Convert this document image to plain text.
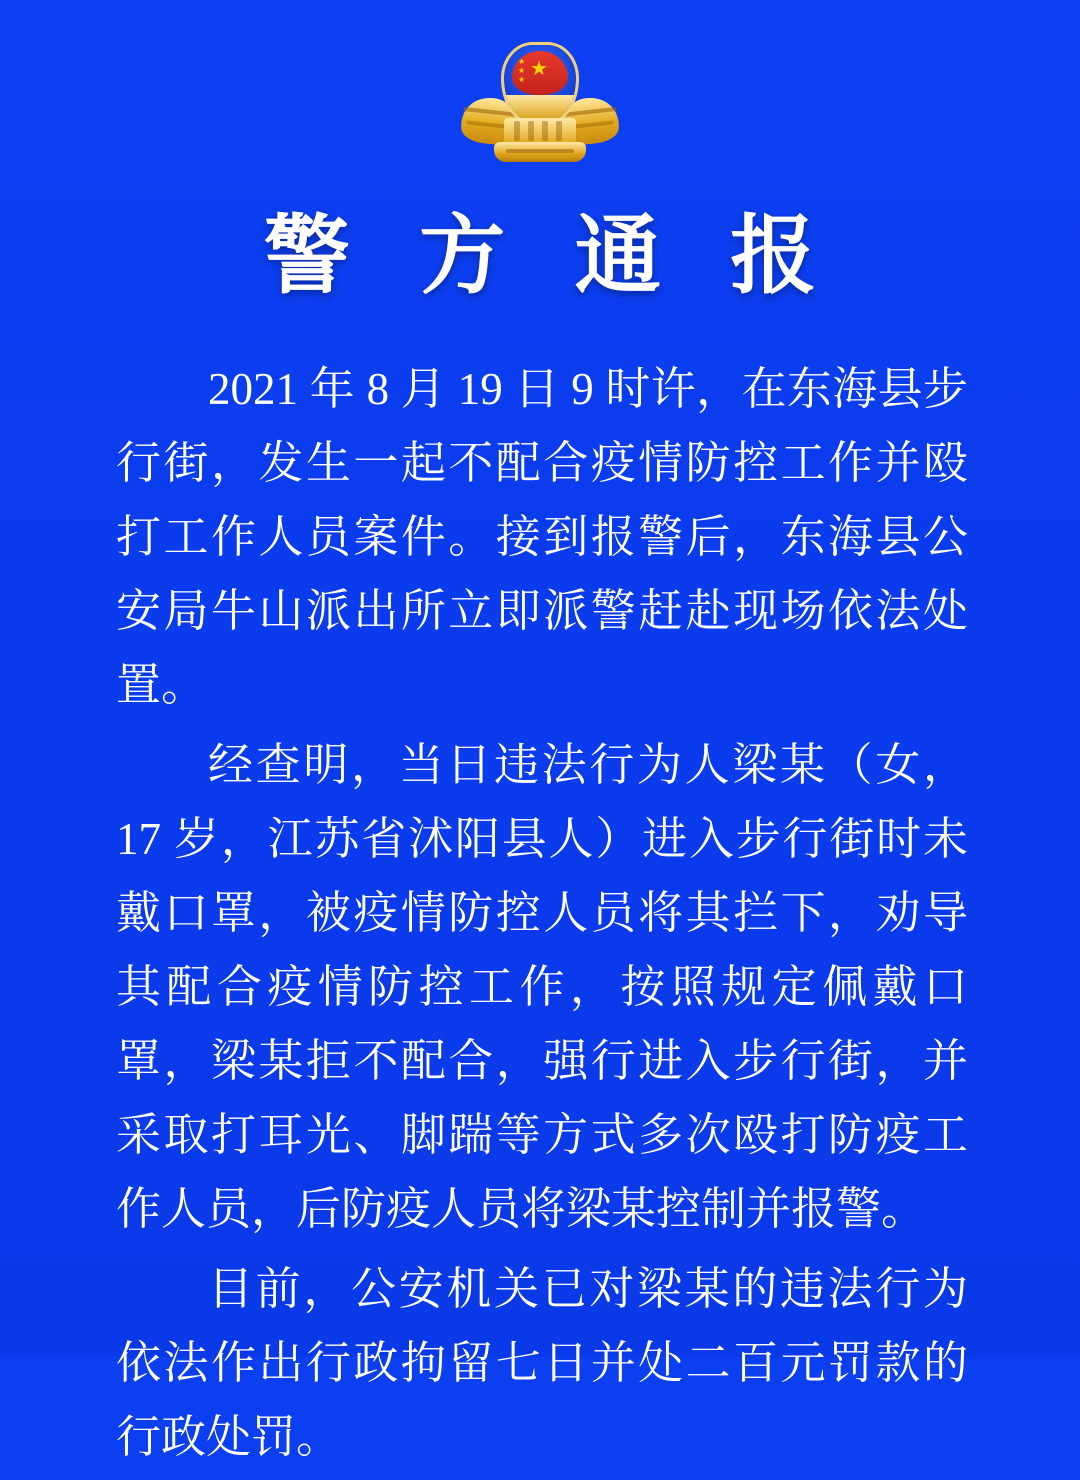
★
★
★
★
警 方 通 报

2021 年 8 月 19 日 9 时许，在东海县步行街，发生一起不配合疫情防控工作并殴打工作人员案件。接到报警后，东海县公安局牛山派出所立即派警赶赴现场依法处置。

经查明，当日违法行为人梁某（女，17 岁，江苏省沭阳县人）进入步行街时未戴口罩，被疫情防控人员将其拦下，劝导其配合疫情防控工作，按照规定佩戴口罩，梁某拒不配合，强行进入步行街，并采取打耳光、脚踹等方式多次殴打防疫工作人员，后防疫人员将梁某控制并报警。

目前，公安机关已对梁某的违法行为依法作出行政拘留七日并处二百元罚款的行政处罚。
